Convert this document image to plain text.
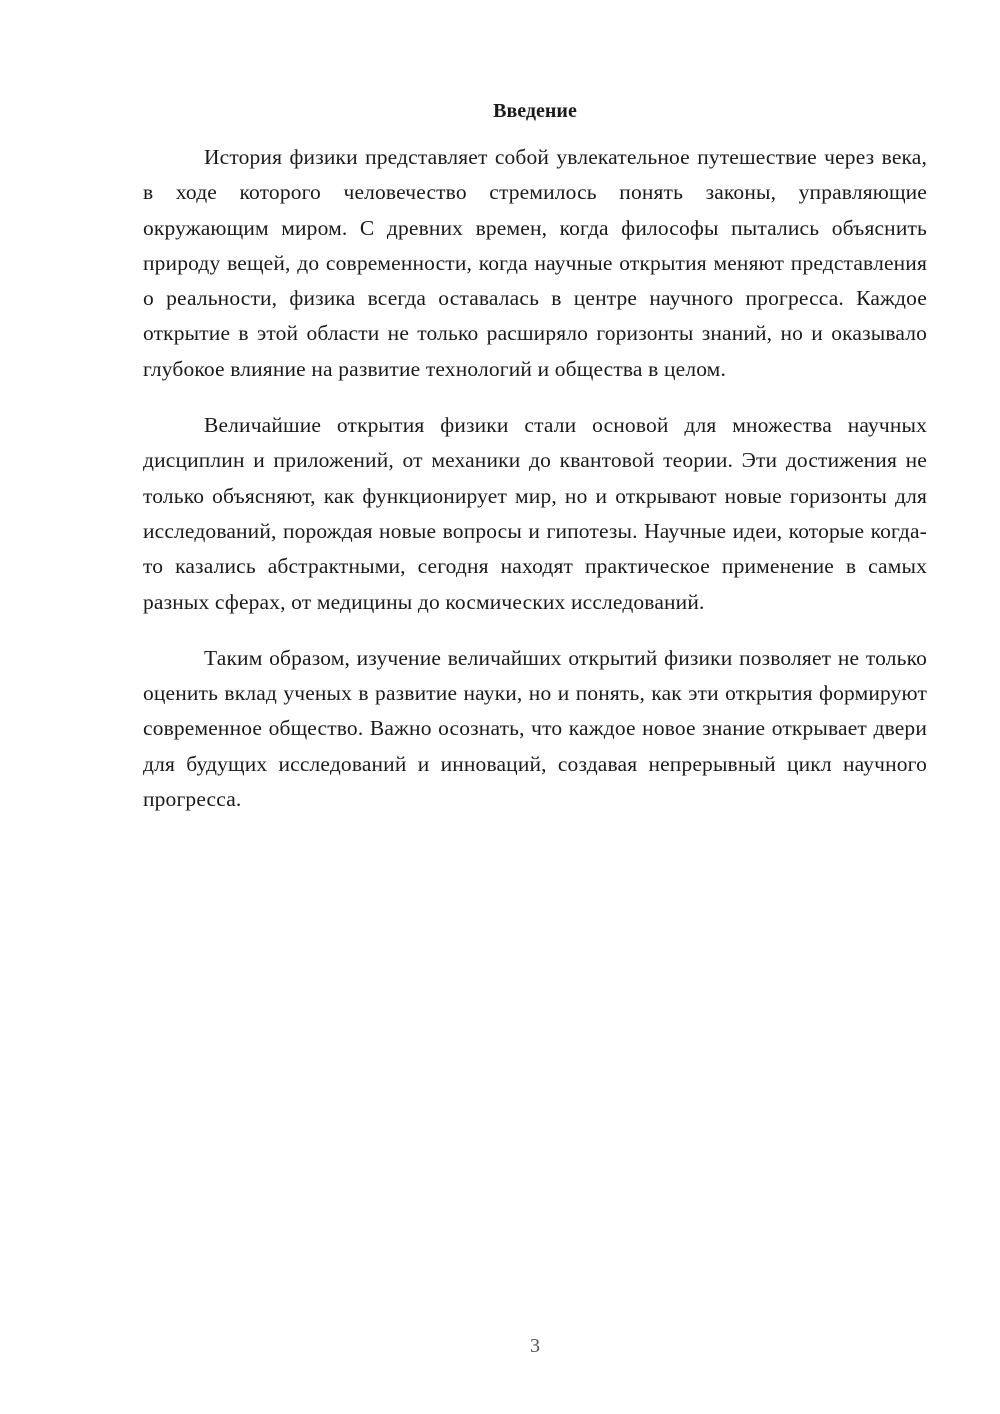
Введение

История физики представляет собой увлекательное путешествие через века, в ходе которого человечество стремилось понять законы, управляющие окружающим миром. С древних времен, когда философы пытались объяснить природу вещей, до современности, когда научные открытия меняют представления о реальности, физика всегда оставалась в центре научного прогресса. Каждое открытие в этой области не только расширяло горизонты знаний, но и оказывало глубокое влияние на развитие технологий и общества в целом.

Величайшие открытия физики стали основой для множества научных дисциплин и приложений, от механики до квантовой теории. Эти достижения не только объясняют, как функционирует мир, но и открывают новые горизонты для исследований, порождая новые вопросы и гипотезы. Научные идеи, которые когда-то казались абстрактными, сегодня находят практическое применение в самых разных сферах, от медицины до космических исследований.

Таким образом, изучение величайших открытий физики позволяет не только оценить вклад ученых в развитие науки, но и понять, как эти открытия формируют современное общество. Важно осознать, что каждое новое знание открывает двери для будущих исследований и инноваций, создавая непрерывный цикл научного прогресса.

3
